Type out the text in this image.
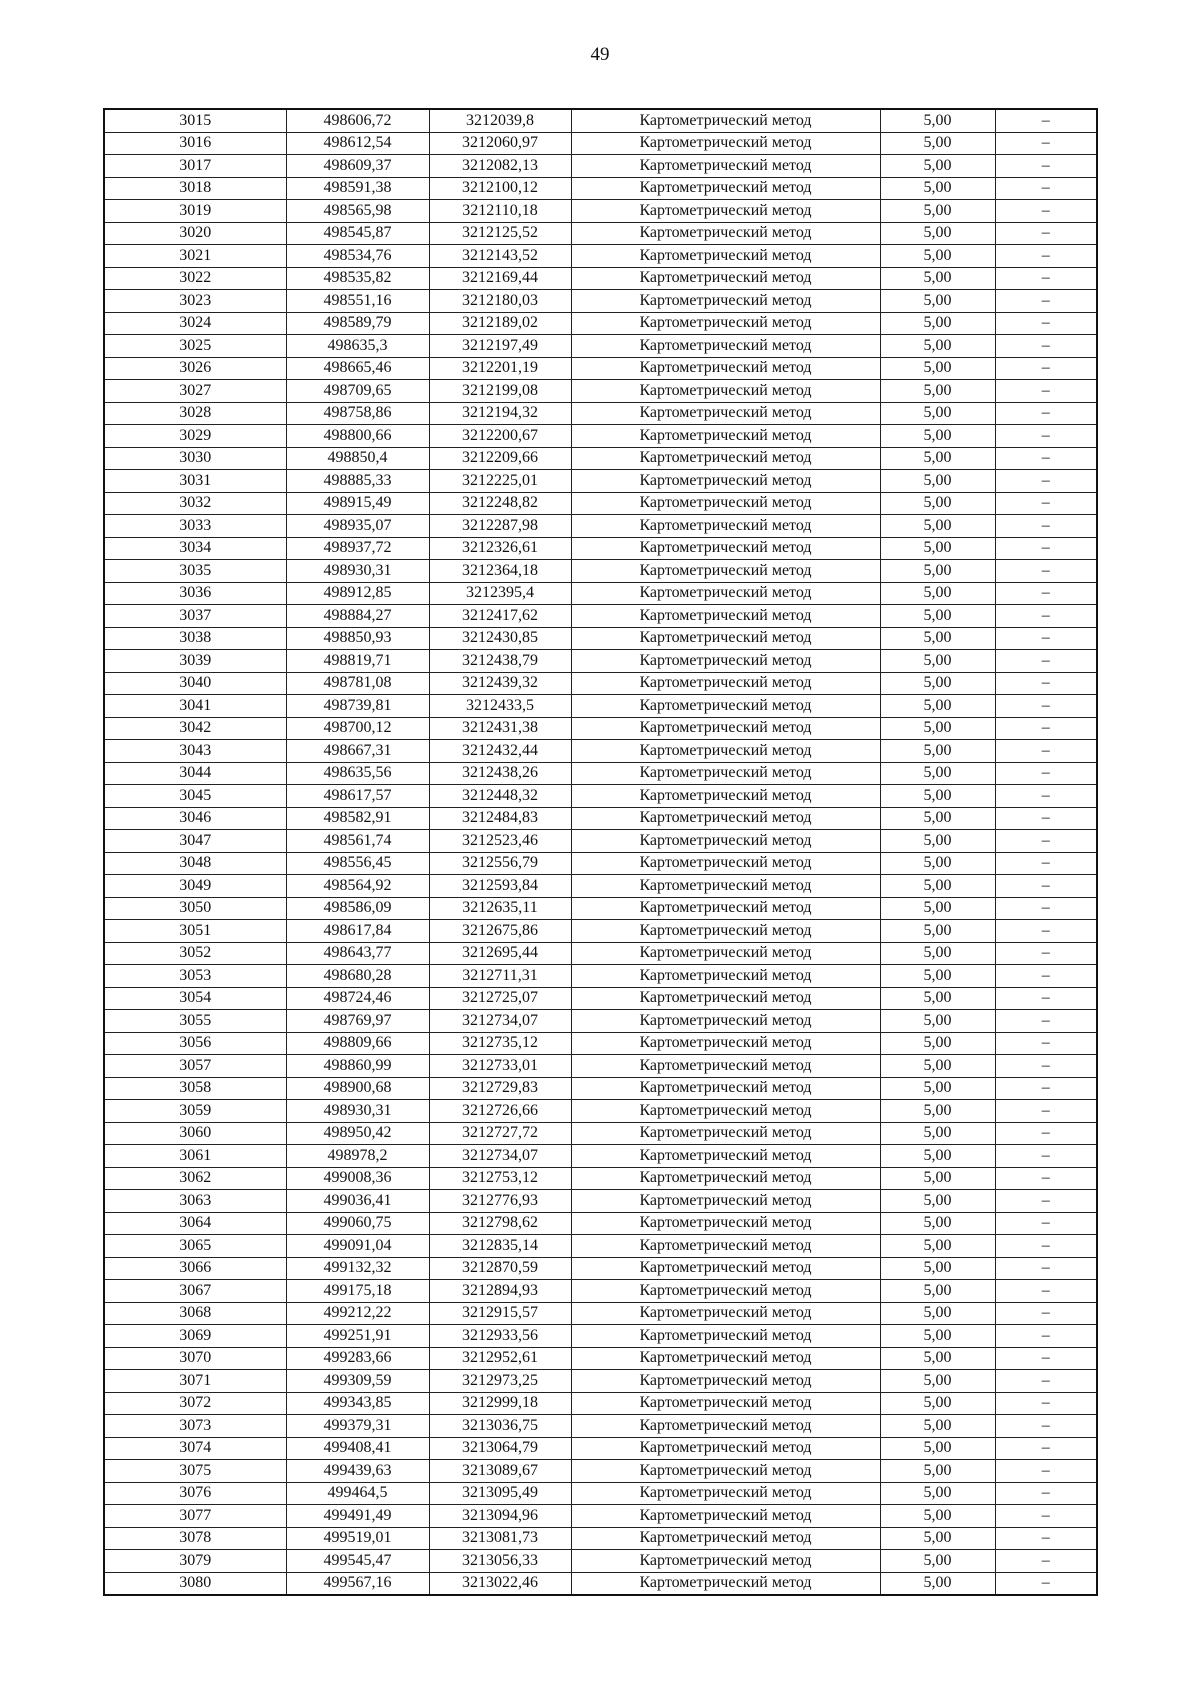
49
3015	498606,72	3212039,8	Картометрический метод	5,00	–
3016	498612,54	3212060,97	Картометрический метод	5,00	–
3017	498609,37	3212082,13	Картометрический метод	5,00	–
3018	498591,38	3212100,12	Картометрический метод	5,00	–
3019	498565,98	3212110,18	Картометрический метод	5,00	–
3020	498545,87	3212125,52	Картометрический метод	5,00	–
3021	498534,76	3212143,52	Картометрический метод	5,00	–
3022	498535,82	3212169,44	Картометрический метод	5,00	–
3023	498551,16	3212180,03	Картометрический метод	5,00	–
3024	498589,79	3212189,02	Картометрический метод	5,00	–
3025	498635,3	3212197,49	Картометрический метод	5,00	–
3026	498665,46	3212201,19	Картометрический метод	5,00	–
3027	498709,65	3212199,08	Картометрический метод	5,00	–
3028	498758,86	3212194,32	Картометрический метод	5,00	–
3029	498800,66	3212200,67	Картометрический метод	5,00	–
3030	498850,4	3212209,66	Картометрический метод	5,00	–
3031	498885,33	3212225,01	Картометрический метод	5,00	–
3032	498915,49	3212248,82	Картометрический метод	5,00	–
3033	498935,07	3212287,98	Картометрический метод	5,00	–
3034	498937,72	3212326,61	Картометрический метод	5,00	–
3035	498930,31	3212364,18	Картометрический метод	5,00	–
3036	498912,85	3212395,4	Картометрический метод	5,00	–
3037	498884,27	3212417,62	Картометрический метод	5,00	–
3038	498850,93	3212430,85	Картометрический метод	5,00	–
3039	498819,71	3212438,79	Картометрический метод	5,00	–
3040	498781,08	3212439,32	Картометрический метод	5,00	–
3041	498739,81	3212433,5	Картометрический метод	5,00	–
3042	498700,12	3212431,38	Картометрический метод	5,00	–
3043	498667,31	3212432,44	Картометрический метод	5,00	–
3044	498635,56	3212438,26	Картометрический метод	5,00	–
3045	498617,57	3212448,32	Картометрический метод	5,00	–
3046	498582,91	3212484,83	Картометрический метод	5,00	–
3047	498561,74	3212523,46	Картометрический метод	5,00	–
3048	498556,45	3212556,79	Картометрический метод	5,00	–
3049	498564,92	3212593,84	Картометрический метод	5,00	–
3050	498586,09	3212635,11	Картометрический метод	5,00	–
3051	498617,84	3212675,86	Картометрический метод	5,00	–
3052	498643,77	3212695,44	Картометрический метод	5,00	–
3053	498680,28	3212711,31	Картометрический метод	5,00	–
3054	498724,46	3212725,07	Картометрический метод	5,00	–
3055	498769,97	3212734,07	Картометрический метод	5,00	–
3056	498809,66	3212735,12	Картометрический метод	5,00	–
3057	498860,99	3212733,01	Картометрический метод	5,00	–
3058	498900,68	3212729,83	Картометрический метод	5,00	–
3059	498930,31	3212726,66	Картометрический метод	5,00	–
3060	498950,42	3212727,72	Картометрический метод	5,00	–
3061	498978,2	3212734,07	Картометрический метод	5,00	–
3062	499008,36	3212753,12	Картометрический метод	5,00	–
3063	499036,41	3212776,93	Картометрический метод	5,00	–
3064	499060,75	3212798,62	Картометрический метод	5,00	–
3065	499091,04	3212835,14	Картометрический метод	5,00	–
3066	499132,32	3212870,59	Картометрический метод	5,00	–
3067	499175,18	3212894,93	Картометрический метод	5,00	–
3068	499212,22	3212915,57	Картометрический метод	5,00	–
3069	499251,91	3212933,56	Картометрический метод	5,00	–
3070	499283,66	3212952,61	Картометрический метод	5,00	–
3071	499309,59	3212973,25	Картометрический метод	5,00	–
3072	499343,85	3212999,18	Картометрический метод	5,00	–
3073	499379,31	3213036,75	Картометрический метод	5,00	–
3074	499408,41	3213064,79	Картометрический метод	5,00	–
3075	499439,63	3213089,67	Картометрический метод	5,00	–
3076	499464,5	3213095,49	Картометрический метод	5,00	–
3077	499491,49	3213094,96	Картометрический метод	5,00	–
3078	499519,01	3213081,73	Картометрический метод	5,00	–
3079	499545,47	3213056,33	Картометрический метод	5,00	–
3080	499567,16	3213022,46	Картометрический метод	5,00	–
